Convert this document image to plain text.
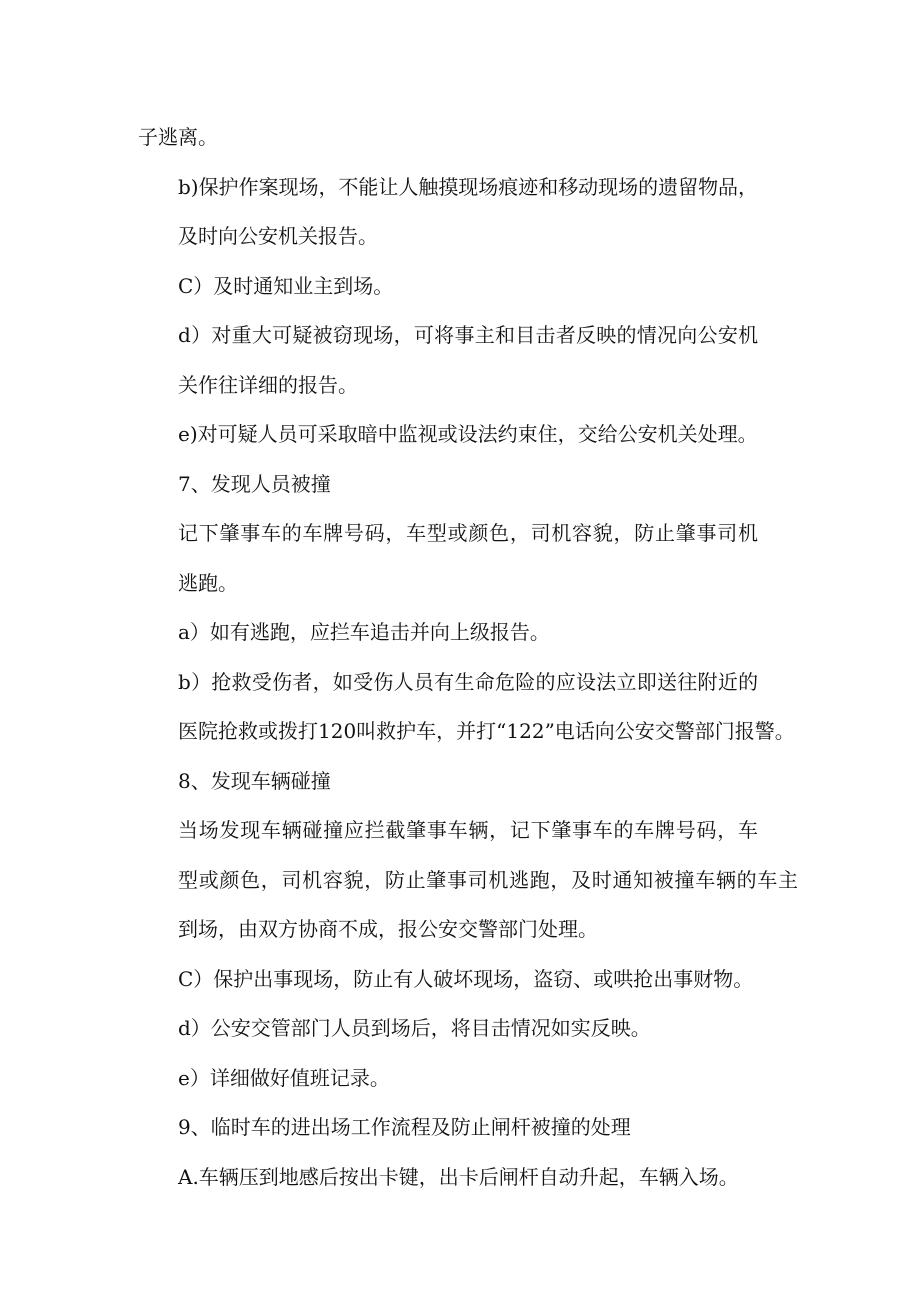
子逃离。

b)保护作案现场，不能让人触摸现场痕迹和移动现场的遗留物品，
及时向公安机关报告。

C）及时通知业主到场。

d）对重大可疑被窃现场，可将事主和目击者反映的情况向公安机
关作往详细的报告。

e)对可疑人员可采取暗中监视或设法约束住，交给公安机关处理。

7、发现人员被撞

记下肇事车的车牌号码，车型或颜色，司机容貌，防止肇事司机
逃跑。

a）如有逃跑，应拦车追击并向上级报告。

b）抢救受伤者，如受伤人员有生命危险的应设法立即送往附近的
医院抢救或拨打120叫救护车，并打“122”电话向公安交警部门报警。

8、发现车辆碰撞

当场发现车辆碰撞应拦截肇事车辆，记下肇事车的车牌号码，车
型或颜色，司机容貌，防止肇事司机逃跑，及时通知被撞车辆的车主
到场，由双方协商不成，报公安交警部门处理。

C）保护出事现场，防止有人破坏现场，盗窃、或哄抢出事财物。

d）公安交管部门人员到场后，将目击情况如实反映。

e）详细做好值班记录。

9、临时车的进出场工作流程及防止闸杆被撞的处理

A.车辆压到地感后按出卡键，出卡后闸杆自动升起，车辆入场。
